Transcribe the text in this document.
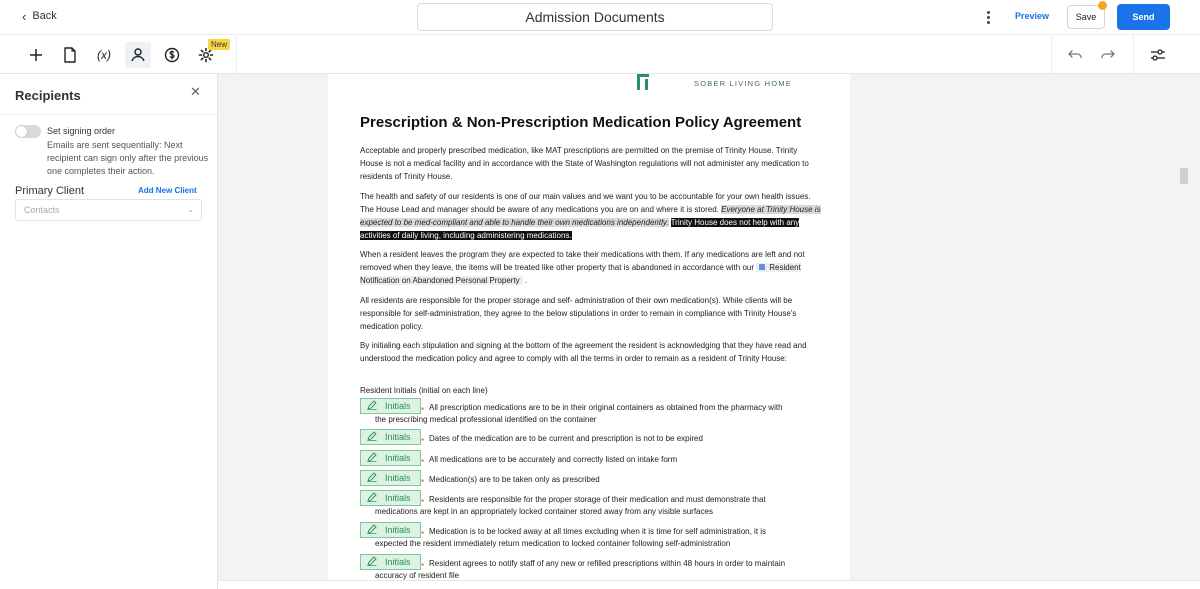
‹ Back	Admission Documents	Preview	Save	Send
(x)
New
Recipients	✕
Set signing order
Emails are sent sequentially: Next recipient can sign only after the previous one completes their action.
Primary Client	Add New Client
Contacts	⌄
SOBER LIVING HOME
Prescription & Non-Prescription Medication Policy Agreement
Acceptable and properly prescribed medication, like MAT prescriptions are permitted on the premise of Trinity House. Trinity House is not a medical facility and in accordance with the State of Washington regulations will not administer any medication to residents of Trinity House.
The health and safety of our residents is one of our main values and we want you to be accountable for your own health issues. The House Lead and manager should be aware of any medications you are on and where it is stored. Everyone at Trinity House is expected to be med-compliant and able to handle their own medications independently. Trinity House does not help with any activities of daily living, including administering medications.
When a resident leaves the program they are expected to take their medications with them. If any medications are left and not removed when they leave, the items will be treated like other property that is abandoned in accordance with our Resident Notification on Abandoned Personal Property .
All residents are responsible for the proper storage and self- administration of their own medication(s). While clients will be responsible for self-administration, they agree to the below stipulations in order to remain in compliance with Trinity House's medication policy.
By initialing each stipulation and signing at the bottom of the agreement the resident is acknowledging that they have read and understood the medication policy and agree to comply with all the terms in order to remain as a resident of Trinity House:
Resident Initials (initial on each line)
Initials * All prescription medications are to be in their original containers as obtained from the pharmacy with
the prescribing medical professional identified on the container
Initials * Dates of the medication are to be current and prescription is not to be expired
Initials * All medications are to be accurately and correctly listed on intake form
Initials * Medication(s) are to be taken only as prescribed
Initials * Residents are responsible for the proper storage of their medication and must demonstrate that
medications are kept in an appropriately locked container stored away from any visible surfaces
Initials * Medication is to be locked away at all times excluding when it is time for self administration, it is
expected the resident immediately return medication to locked container following self-administration
Initials * Resident agrees to notify staff of any new or refilled prescriptions within 48 hours in order to maintain
accuracy of resident file
